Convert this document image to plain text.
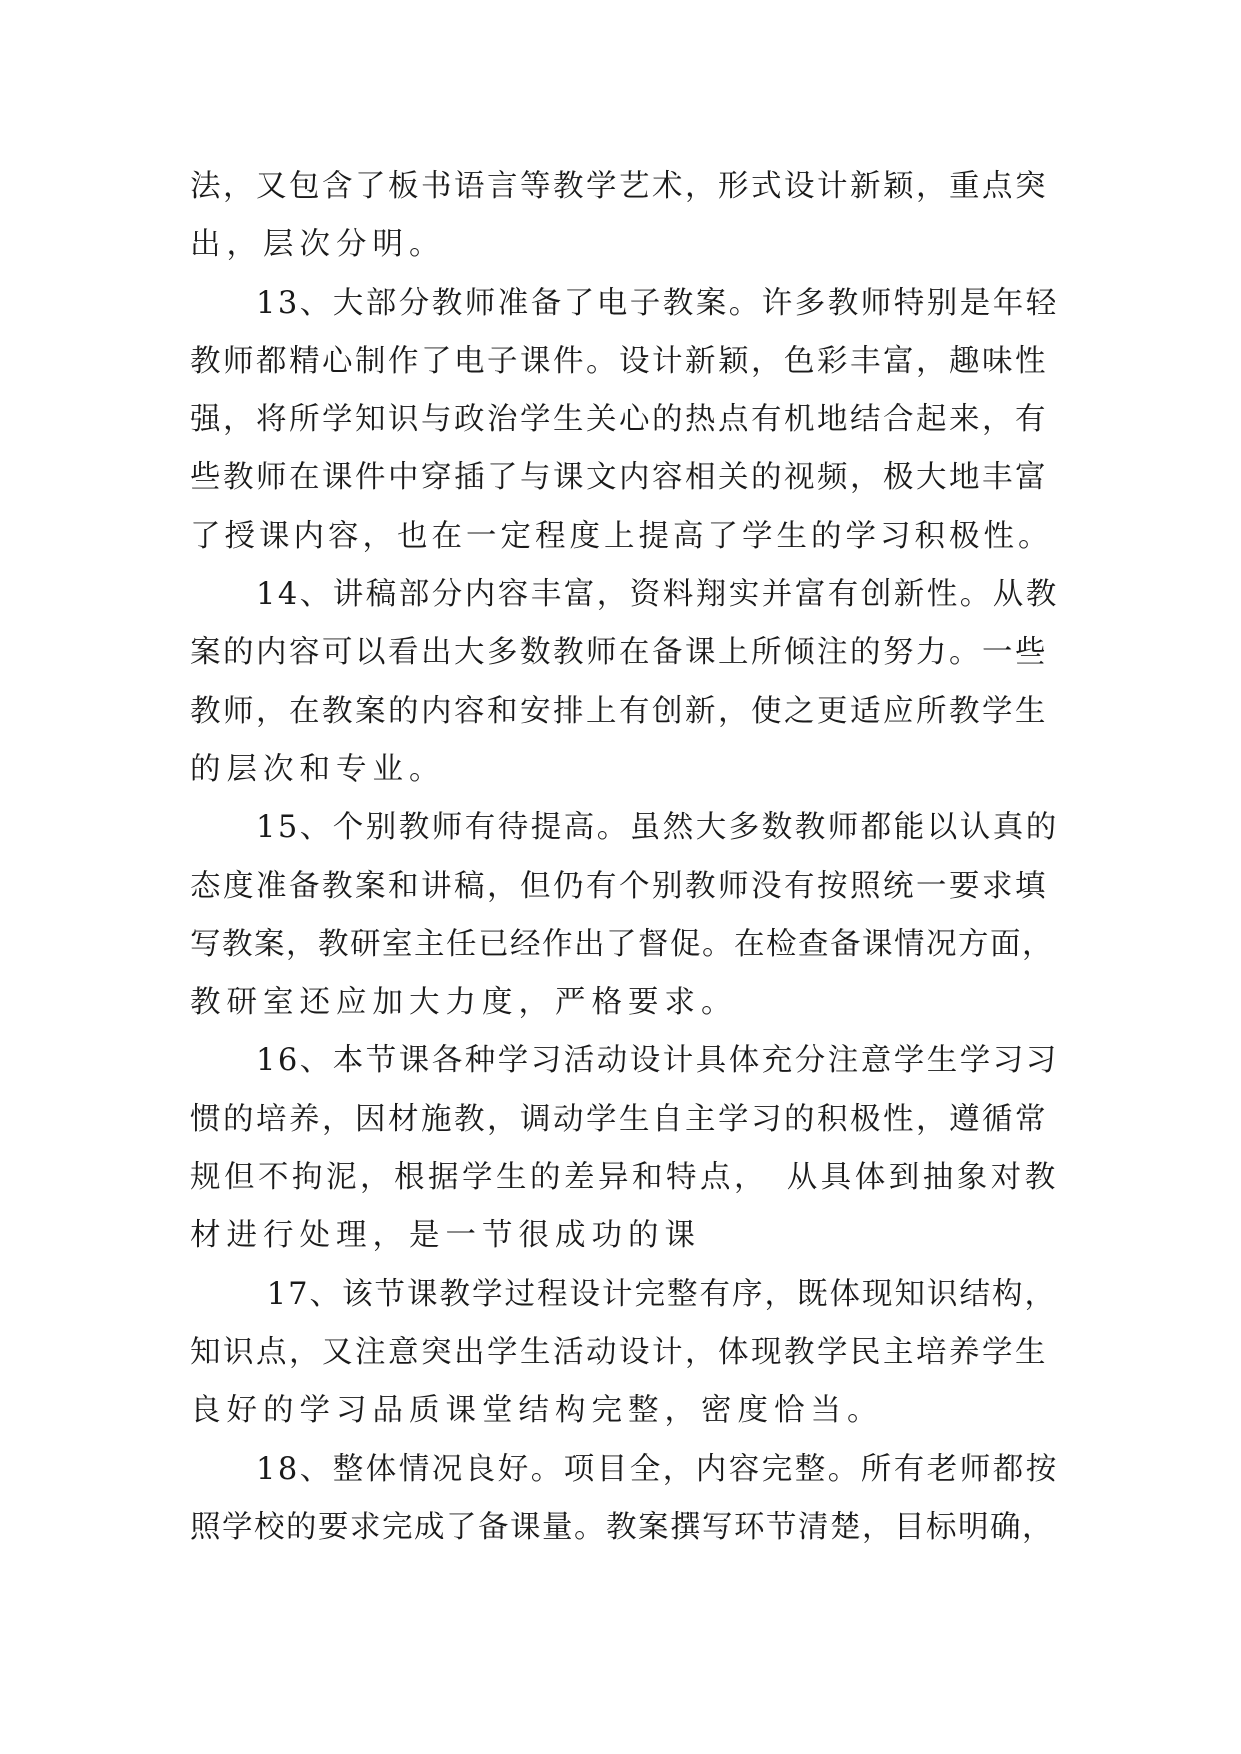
法，又包含了板书语言等教学艺术，形式设计新颖，重点突
出，层次分明。
　　13、大部分教师准备了电子教案。许多教师特别是年轻
教师都精心制作了电子课件。设计新颖，色彩丰富，趣味性
强，将所学知识与政治学生关心的热点有机地结合起来，有
些教师在课件中穿插了与课文内容相关的视频，极大地丰富
了授课内容，也在一定程度上提高了学生的学习积极性。
　　14、讲稿部分内容丰富，资料翔实并富有创新性。从教
案的内容可以看出大多数教师在备课上所倾注的努力。一些
教师，在教案的内容和安排上有创新，使之更适应所教学生
的层次和专业。
　　15、个别教师有待提高。虽然大多数教师都能以认真的
态度准备教案和讲稿，但仍有个别教师没有按照统一要求填
写教案，教研室主任已经作出了督促。在检查备课情况方面，
教研室还应加大力度，严格要求。
　　16、本节课各种学习活动设计具体充分注意学生学习习
惯的培养，因材施教，调动学生自主学习的积极性，遵循常
规但不拘泥，根据学生的差异和特点，　从具体到抽象对教
材进行处理，是一节很成功的课
　　 17、该节课教学过程设计完整有序，既体现知识结构，
知识点，又注意突出学生活动设计，体现教学民主培养学生
良好的学习品质课堂结构完整，密度恰当。
　　18、整体情况良好。项目全，内容完整。所有老师都按
照学校的要求完成了备课量。教案撰写环节清楚，目标明确，
